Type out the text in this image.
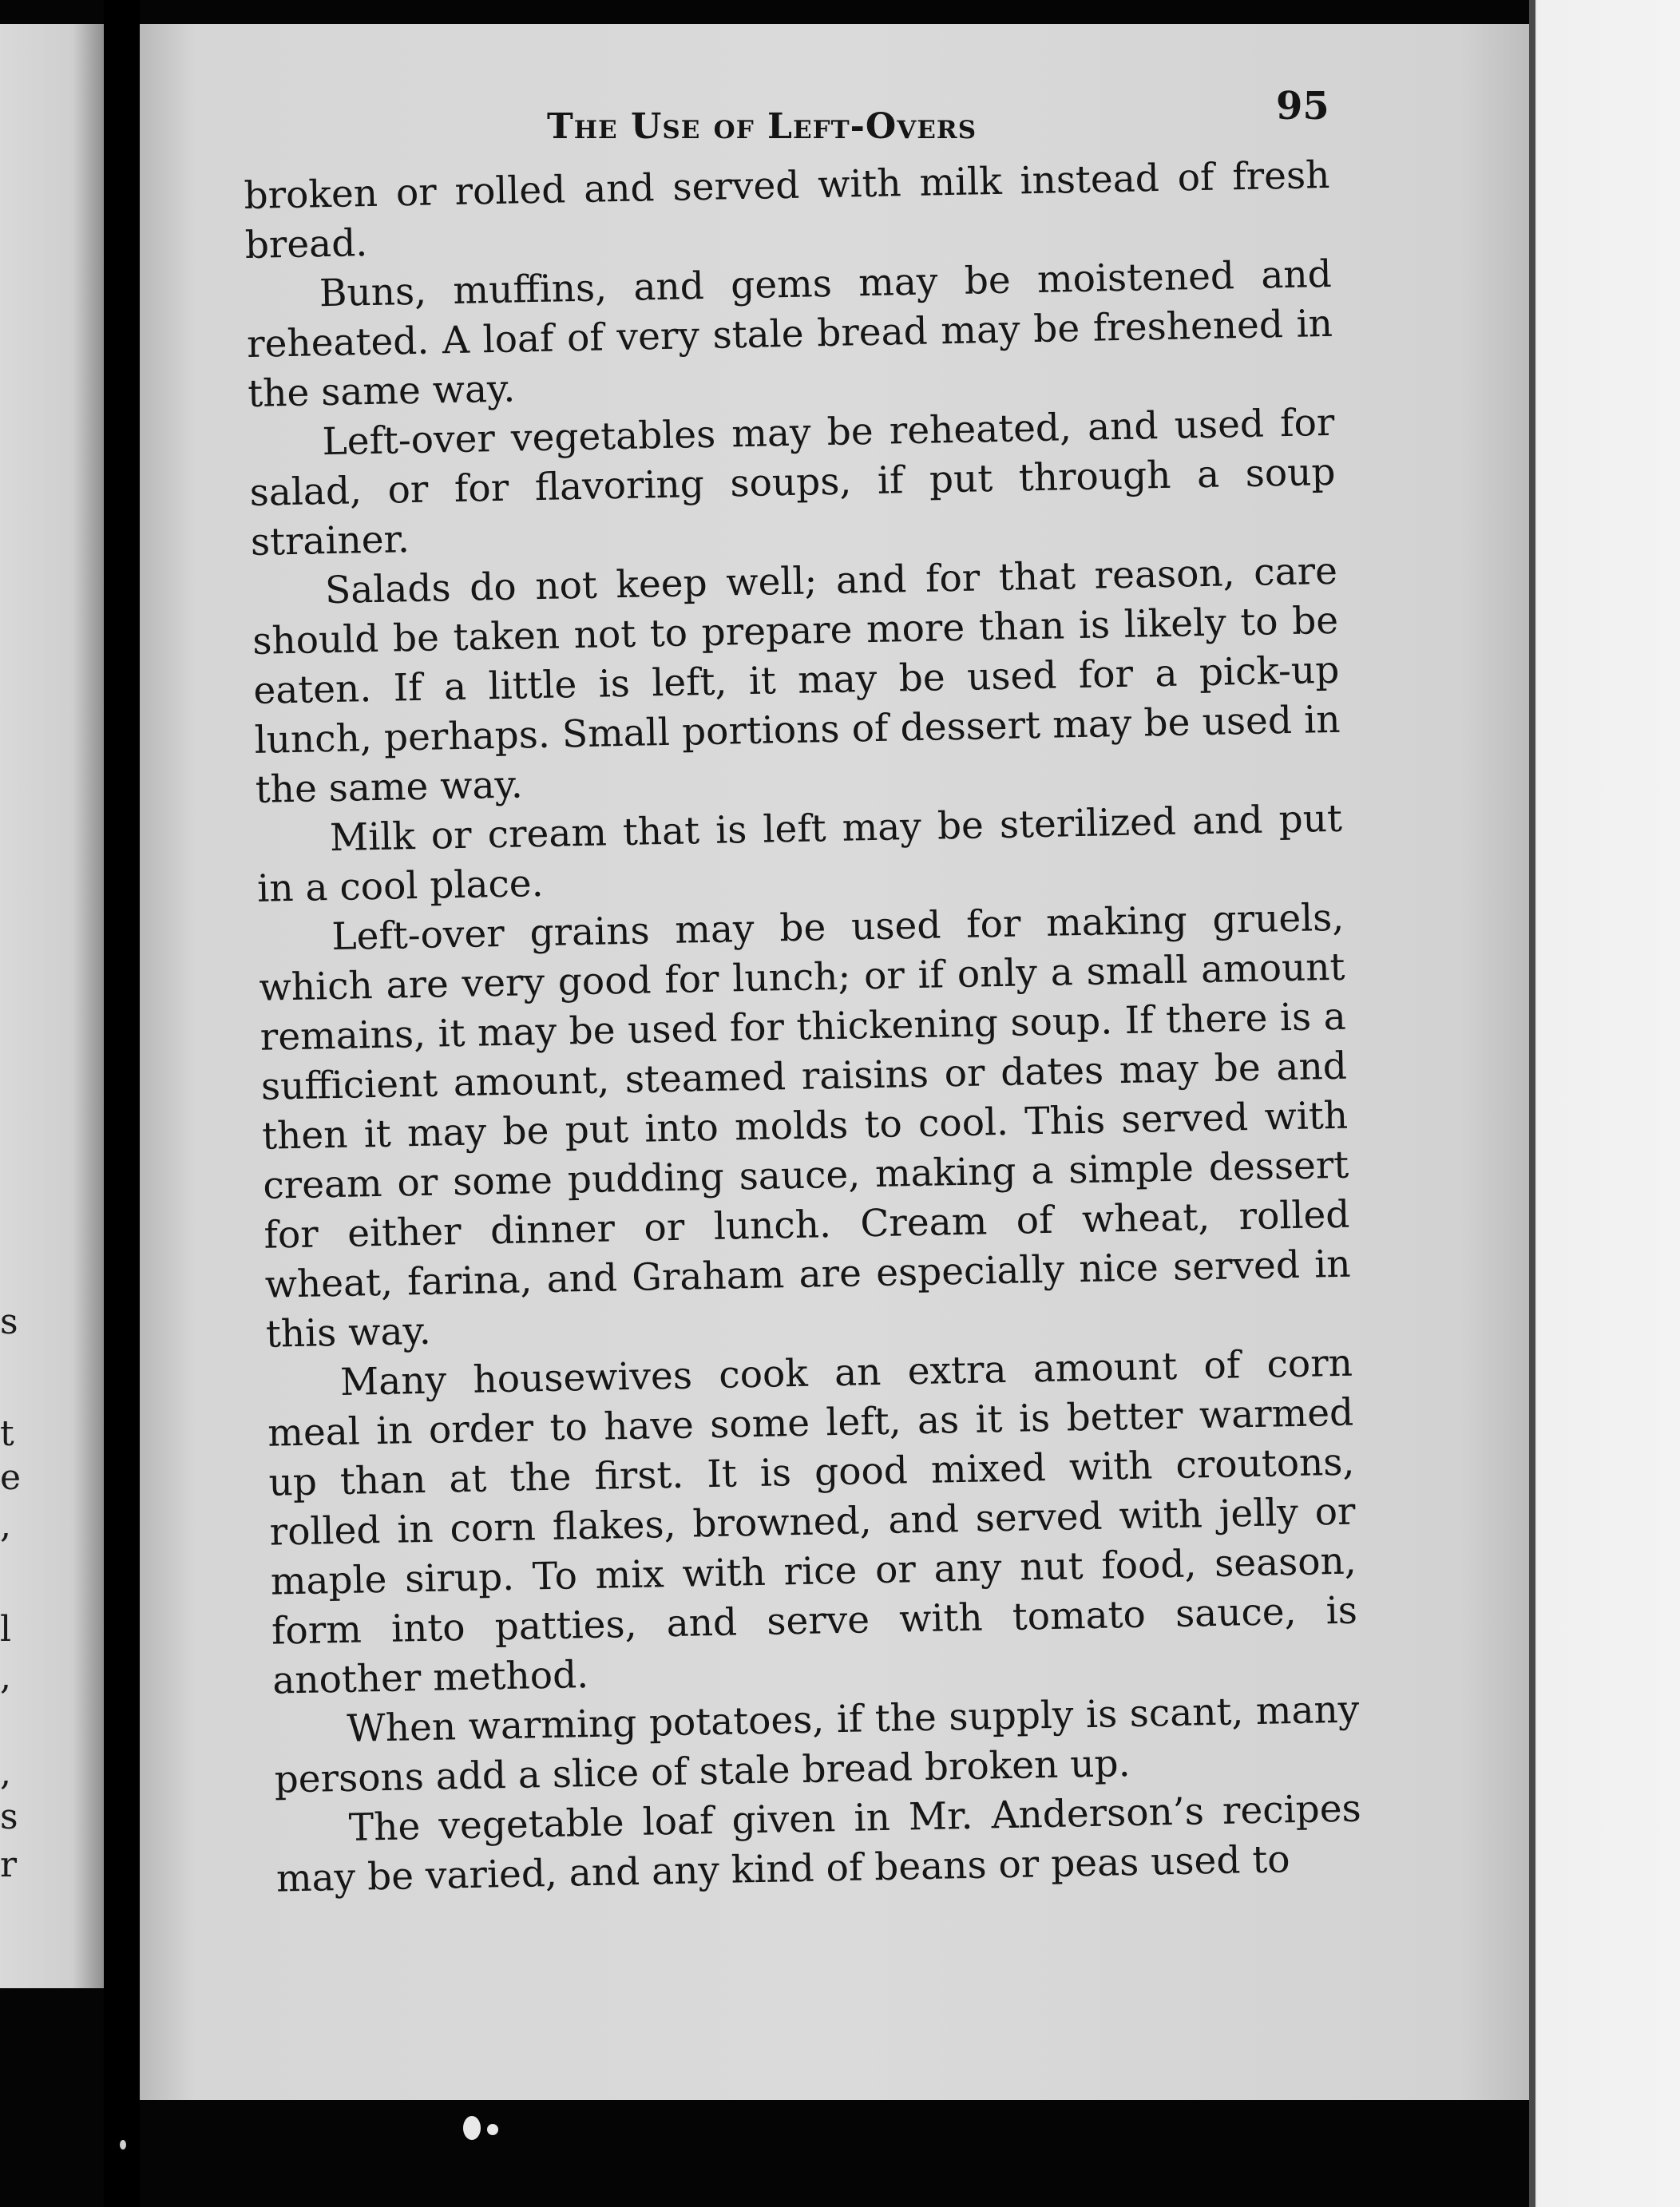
s
t
e
,
l
,
,
s
r
The Use of Left-Overs	95

broken or rolled and served with milk instead of fresh bread.

Buns, muffins, and gems may be moistened and reheated. A loaf of very stale bread may be freshened in the same way.

Left-over vegetables may be reheated, and used for salad, or for flavoring soups, if put through a soup strainer.

Salads do not keep well; and for that reason, care should be taken not to prepare more than is likely to be eaten. If a little is left, it may be used for a pick-up lunch, perhaps. Small portions of dessert may be used in the same way.

Milk or cream that is left may be sterilized and put in a cool place.

Left-over grains may be used for making gruels, which are very good for lunch; or if only a small amount remains, it may be used for thickening soup. If there is a sufficient amount, steamed raisins or dates may be and then it may be put into molds to cool. This served with cream or some pudding sauce, making a simple dessert for either dinner or lunch. Cream of wheat, rolled wheat, farina, and Graham are especially nice served in this way.

Many housewives cook an extra amount of corn meal in order to have some left, as it is better warmed up than at the first. It is good mixed with croutons, rolled in corn flakes, browned, and served with jelly or maple sirup. To mix with rice or any nut food, season, form into patties, and serve with tomato sauce, is another method.

When warming potatoes, if the supply is scant, many persons add a slice of stale bread broken up.

The vegetable loaf given in Mr. Anderson’s recipes may be varied, and any kind of beans or peas used to
